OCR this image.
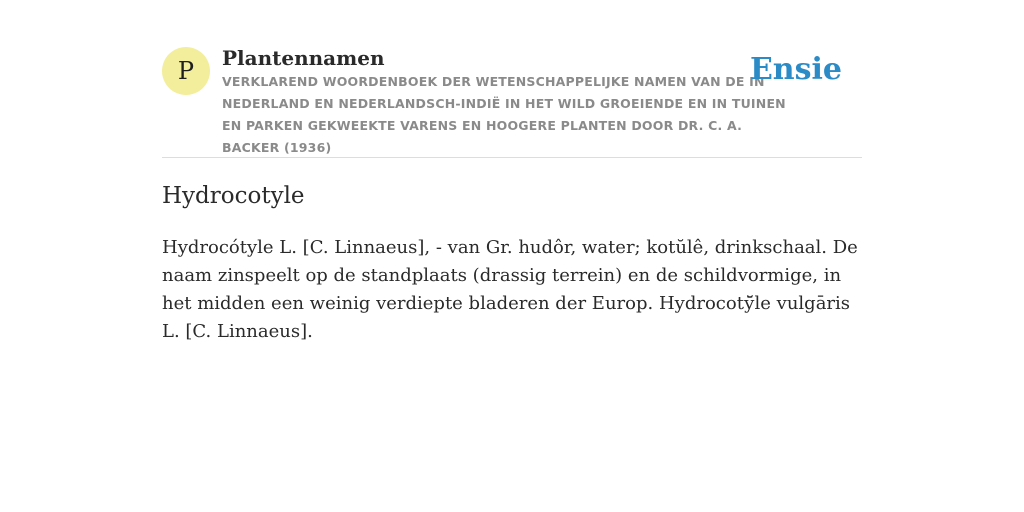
P Plantennamen

VERKLAREND WOORDENBOEK DER WETENSCHAPPELIJKE NAMEN VAN DE IN NEDERLAND EN NEDERLANDSCH-INDIË IN HET WILD GROEIENDE EN IN TUINEN EN PARKEN GEKWEEKTE VARENS EN HOOGERE PLANTEN DOOR DR. C. A. BACKER (1936)

Ensie
Hydrocotyle

Hydrocótyle L. [C. Linnaeus], - van Gr. hudôr, water; kotŭlê, drinkschaal. De naam zinspeelt op de standplaats (drassig terrein) en de schildvormige, in het midden een weinig verdiepte bladeren der Europ. Hydrocotў̆le vulgāris L. [C. Linnaeus].
